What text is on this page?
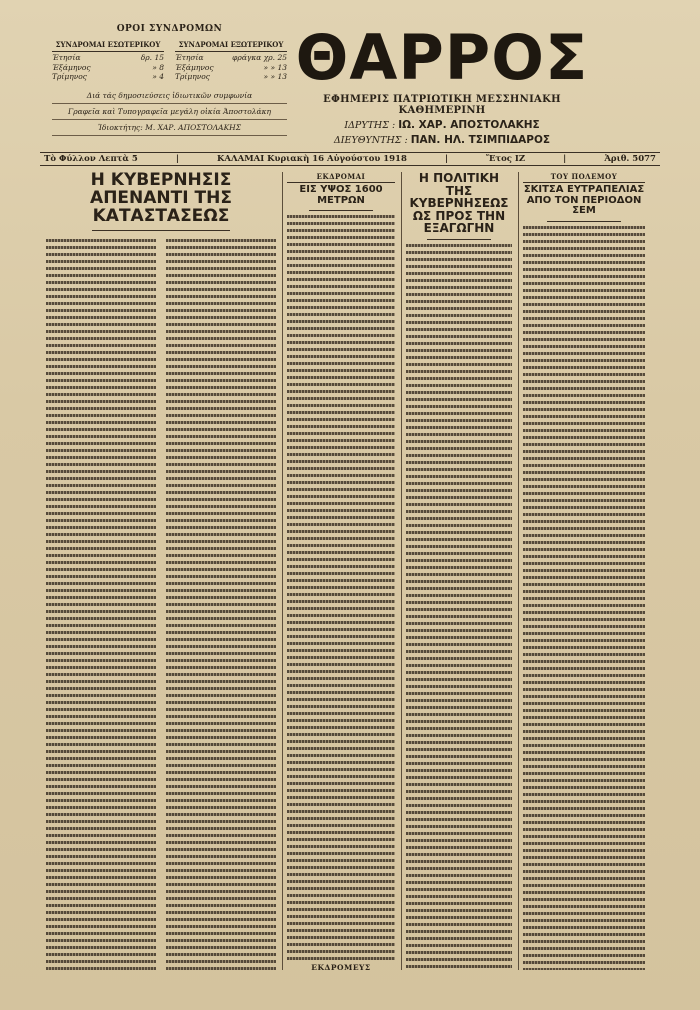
ΟΡΟΙ ΣΥΝΔΡΟΜΩΝ
ΣΥΝΔΡΟΜΑΙ ΕΣΩΤΕΡΙΚΟΥ
Έτησία	δρ. 15
Έξάμηνος	» 8
Τρίμηνος	» 4
ΣΥΝΔΡΟΜΑΙ ΕΞΩΤΕΡΙΚΟΥ
Έτησία	φράγκα χρ. 25
Έξάμηνος	» » 13
Τρίμηνος	» » 13
Διά τάς δημοσιεύσεις ἰδιωτικῶν συμφωνία
Γραφεῖα καὶ Τυπογραφεῖα μεγάλη οἰκία Ἀποστολάκη
Ἰδιοκτήτης: Μ. ΧΑΡ. ΑΠΟΣΤΟΛΑΚΗΣ
ΘΑΡΡΟΣ
ΕΦΗΜΕΡΙΣ ΠΑΤΡΙΩΤΙΚΗ ΜΕΣΣΗΝΙΑΚΗ ΚΑΘΗΜΕΡΙΝΗ
ΙΔΡΥΤΗΣ : ΙΩ. ΧΑΡ. ΑΠΟΣΤΟΛΑΚΗΣ
ΔΙΕΥΘΥΝΤΗΣ : ΠΑΝ. ΗΛ. ΤΣΙΜΠΙΔΑΡΟΣ
Τὸ Φύλλον Λεπτὰ 5	|	ΚΑΛΑΜΑΙ Κυριακὴ 16 Αὐγούστου 1918	|	Ἔτος ΙΖ	|	Ἀριθ. 5077
Η ΚΥΒΕΡΝΗΣΙΣ ΑΠΕΝΑΝΤΙ ΤΗΣ ΚΑΤΑΣΤΑΣΕΩΣ
ΕΚΔΡΟΜΑΙ
ΕΙΣ ΥΨΟΣ 1600 ΜΕΤΡΩΝ
ΕΚΔΡΟΜΕΥΣ
Η ΠΟΛΙΤΙΚΗ ΤΗΣ ΚΥΒΕΡΝΗΣΕΩΣ ΩΣ ΠΡΟΣ ΤΗΝ ΕΞΑΓΩΓΗΝ
ΤΟΥ ΠΟΛΕΜΟΥ
ΣΚΙΤΣΑ ΕΥΤΡΑΠΕΛΙΑΣ ΑΠΟ ΤΟΝ ΠΕΡΙΟΔΟΝ ΣΕΜ
